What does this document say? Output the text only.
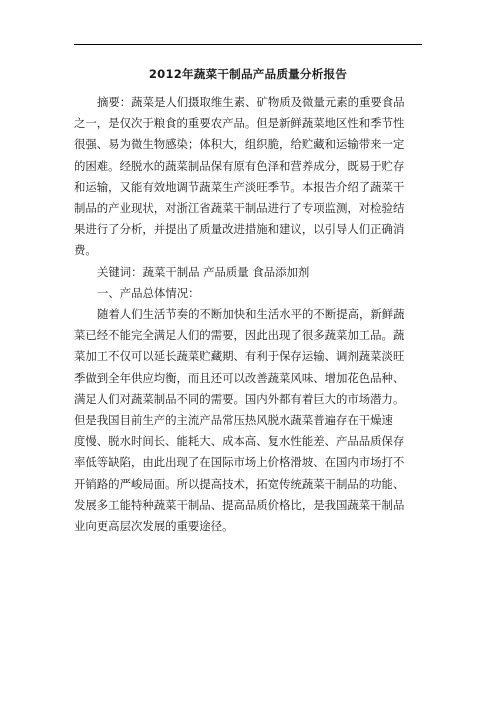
2012年蔬菜干制品产品质量分析报告
摘要：蔬菜是人们摄取维生素、矿物质及微量元素的重要食品
之一，是仅次于粮食的重要农产品。但是新鲜蔬菜地区性和季节性
很强、易为微生物感染；体积大，组织脆，给贮藏和运输带来一定
的困难。经脱水的蔬菜制品保有原有色泽和营养成分，既易于贮存
和运输，又能有效地调节蔬菜生产淡旺季节。本报告介绍了蔬菜干
制品的产业现状，对浙江省蔬菜干制品进行了专项监测，对检验结
果进行了分析，并提出了质量改进措施和建议，以引导人们正确消
费。
关键词：蔬菜干制品 产品质量 食品添加剂
一、产品总体情况：
随着人们生活节奏的不断加快和生活水平的不断提高，新鲜蔬
菜已经不能完全满足人们的需要，因此出现了很多蔬菜加工品。蔬
菜加工不仅可以延长蔬菜贮藏期、有利于保存运输、调剂蔬菜淡旺
季做到全年供应均衡，而且还可以改善蔬菜风味、增加花色品种、
满足人们对蔬菜制品不同的需要。国内外都有着巨大的市场潜力。
但是我国目前生产的主流产品常压热风脱水蔬菜普遍存在干燥速
度慢、脱水时间长、能耗大、成本高、复水性能差、产品品质保存
率低等缺陷，由此出现了在国际市场上价格滑坡、在国内市场打不
开销路的严峻局面。所以提高技术，拓宽传统蔬菜干制品的功能、
发展多工能特种蔬菜干制品、提高品质价格比，是我国蔬菜干制品
业向更高层次发展的重要途径。
